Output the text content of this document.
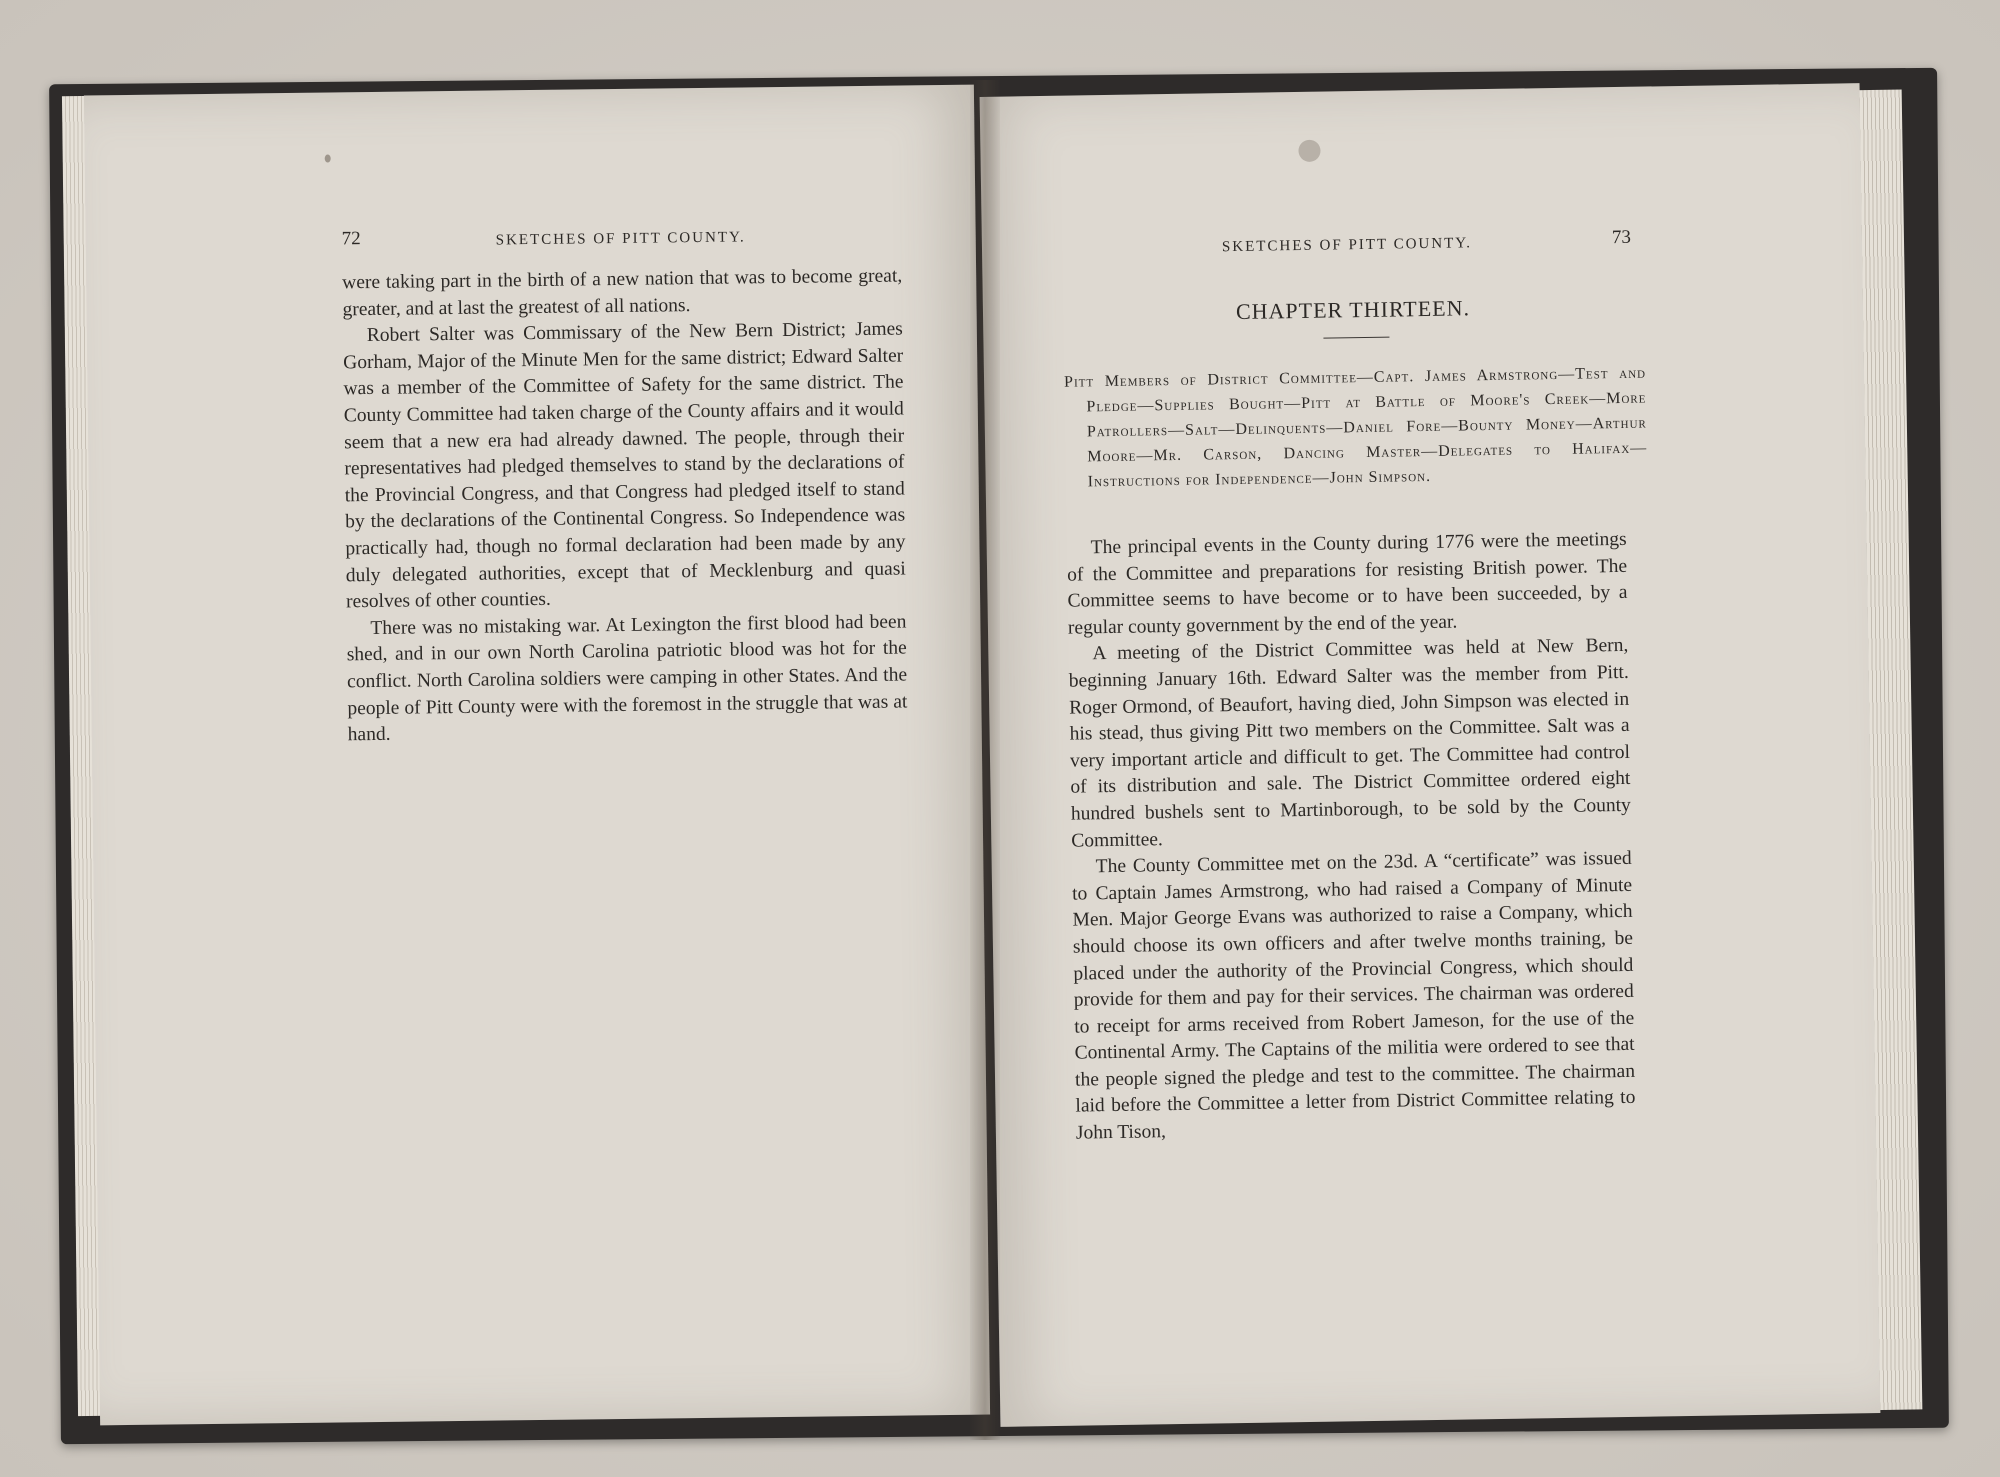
72	SKETCHES OF PITT COUNTY.

were taking part in the birth of a new nation that was to become great, greater, and at last the greatest of all nations.

Robert Salter was Commissary of the New Bern District; James Gorham, Major of the Minute Men for the same district; Edward Salter was a member of the Committee of Safety for the same district. The County Committee had taken charge of the County affairs and it would seem that a new era had already dawned. The people, through their representatives had pledged themselves to stand by the declarations of the Provincial Congress, and that Congress had pledged itself to stand by the declarations of the Continental Congress. So Independence was practically had, though no formal declaration had been made by any duly delegated authorities, except that of Mecklenburg and quasi resolves of other counties.

There was no mistaking war. At Lexington the first blood had been shed, and in our own North Carolina patriotic blood was hot for the conflict. North Carolina soldiers were camping in other States. And the people of Pitt County were with the foremost in the struggle that was at hand.

SKETCHES OF PITT COUNTY.	73
CHAPTER THIRTEEN.
Pitt Members of District Committee—Capt. James Armstrong—Test and Pledge—Supplies Bought—Pitt at Battle of Moore's Creek—More Patrollers—Salt—Delinquents—Daniel Fore—Bounty Money—Arthur Moore—Mr. Carson, Dancing Master—Delegates to Halifax—Instructions for Independence—John Simpson.

The principal events in the County during 1776 were the meetings of the Committee and preparations for resisting British power. The Committee seems to have become or to have been succeeded, by a regular county government by the end of the year.

A meeting of the District Committee was held at New Bern, beginning January 16th. Edward Salter was the member from Pitt. Roger Ormond, of Beaufort, having died, John Simpson was elected in his stead, thus giving Pitt two members on the Committee. Salt was a very important article and difficult to get. The Committee had control of its distribution and sale. The District Committee ordered eight hundred bushels sent to Martinborough, to be sold by the County Committee.

The County Committee met on the 23d. A “certificate” was issued to Captain James Armstrong, who had raised a Company of Minute Men. Major George Evans was authorized to raise a Company, which should choose its own officers and after twelve months training, be placed under the authority of the Provincial Congress, which should provide for them and pay for their services. The chairman was ordered to receipt for arms received from Robert Jameson, for the use of the Continental Army. The Captains of the militia were ordered to see that the people signed the pledge and test to the committee. The chairman laid before the Committee a letter from District Committee relating to John Tison,
